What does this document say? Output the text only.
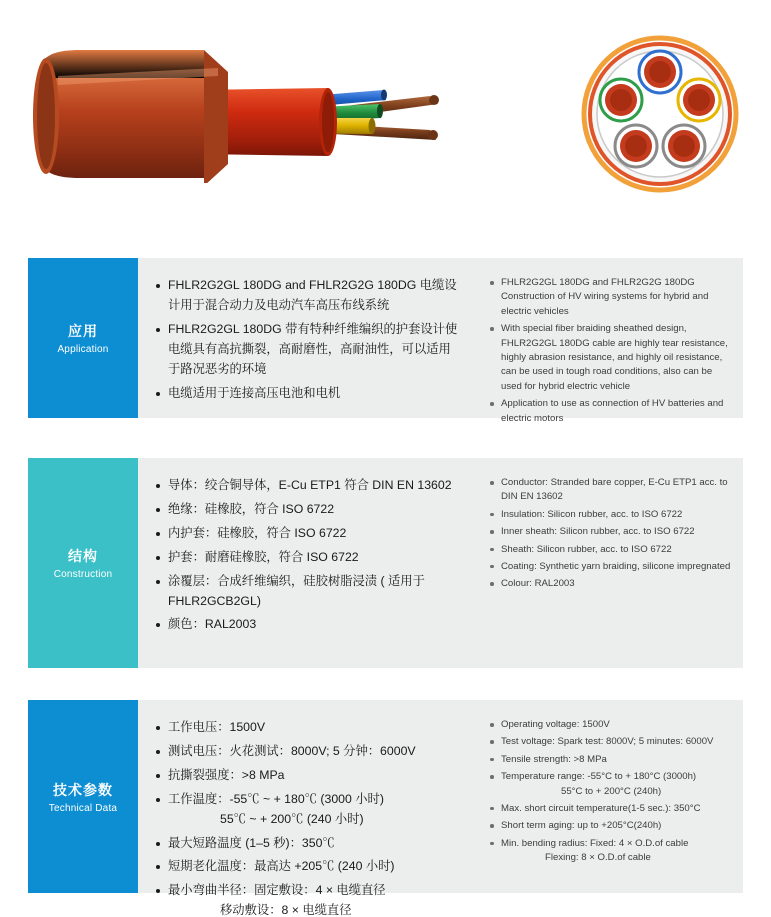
应用
Application
FHLR2G2GL 180DG and FHLR2G2G 180DG 电缆设计用于混合动力及电动汽车高压布线系统
FHLR2G2GL 180DG 带有特种纤维编织的护套设计使电缆具有高抗撕裂，高耐磨性，高耐油性，可以适用于路况恶劣的环境
电缆适用于连接高压电池和电机
FHLR2G2GL 180DG and FHLR2G2G 180DG Construction of HV wiring systems for hybrid and electric vehicles
With special fiber braiding sheathed design, FHLR2G2GL 180DG cable are highly tear resistance, highly abrasion resistance, and highly oil resistance, can be used in tough road conditions, also can be used for hybrid electric vehicle
Application to use as connection of HV batteries and electric motors
结构
Construction
导体：绞合铜导体，E-Cu ETP1 符合 DIN EN 13602
绝缘：硅橡胶，符合 ISO 6722
内护套：硅橡胶，符合 ISO 6722
护套：耐磨硅橡胶，符合 ISO 6722
涂覆层：合成纤维编织，硅胶树脂浸渍 ( 适用于 FHLR2GCB2GL)
颜色：RAL2003
Conductor: Stranded bare copper, E-Cu ETP1 acc. to DIN EN 13602
Insulation: Silicon rubber, acc. to ISO 6722
Inner sheath: Silicon rubber, acc. to ISO 6722
Sheath: Silicon rubber, acc. to ISO 6722
Coating: Synthetic yarn braiding, silicone impregnated
Colour: RAL2003
技术参数
Technical Data
工作电压：1500V
测试电压：火花测试：8000V; 5 分钟：6000V
抗撕裂强度：>8 MPa
工作温度：-55℃ ~ + 180℃ (3000 小时)
55℃ ~ + 200℃ (240 小时)
最大短路温度 (1–5 秒)：350℃
短期老化温度：最高达 +205℃ (240 小时)
最小弯曲半径：固定敷设：4 × 电缆直径
移动敷设：8 × 电缆直径
Operating voltage: 1500V
Test voltage: Spark test: 8000V; 5 minutes: 6000V
Tensile strength: >8 MPa
Temperature range: -55°C to + 180°C (3000h)
55°C to + 200°C (240h)
Max. short circuit temperature(1-5 sec.): 350°C
Short term aging: up to +205°C(240h)
Min. bending radius: Fixed: 4 × O.D.of cable
Flexing: 8 × O.D.of cable
